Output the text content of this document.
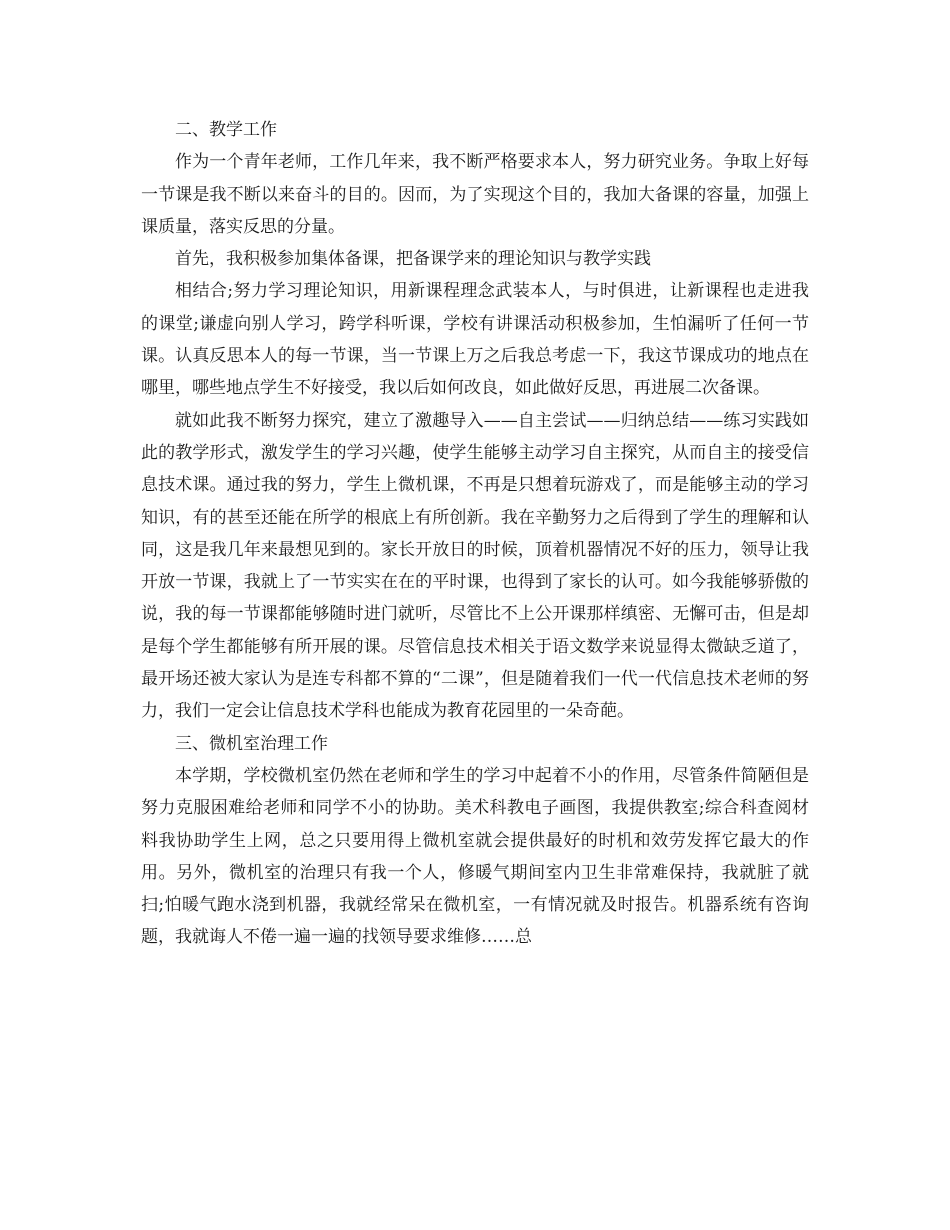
二、教学工作

作为一个青年老师，工作几年来，我不断严格要求本人，努力研究业务。争取上好每一节课是我不断以来奋斗的目的。因而，为了实现这个目的，我加大备课的容量，加强上课质量，落实反思的分量。

首先，我积极参加集体备课，把备课学来的理论知识与教学实践

相结合;努力学习理论知识，用新课程理念武装本人，与时俱进，让新课程也走进我的课堂;谦虚向别人学习，跨学科听课，学校有讲课活动积极参加，生怕漏听了任何一节课。认真反思本人的每一节课，当一节课上万之后我总考虑一下，我这节课成功的地点在哪里，哪些地点学生不好接受，我以后如何改良，如此做好反思，再进展二次备课。

就如此我不断努力探究，建立了激趣导入——自主尝试——归纳总结——练习实践如此的教学形式，激发学生的学习兴趣，使学生能够主动学习自主探究，从而自主的接受信息技术课。通过我的努力，学生上微机课，不再是只想着玩游戏了，而是能够主动的学习知识，有的甚至还能在所学的根底上有所创新。我在辛勤努力之后得到了学生的理解和认同，这是我几年来最想见到的。家长开放日的时候，顶着机器情况不好的压力，领导让我开放一节课，我就上了一节实实在在的平时课，也得到了家长的认可。如今我能够骄傲的说，我的每一节课都能够随时进门就听，尽管比不上公开课那样缜密、无懈可击，但是却是每个学生都能够有所开展的课。尽管信息技术相关于语文数学来说显得太微缺乏道了，最开场还被大家认为是连专科都不算的“二课”，但是随着我们一代一代信息技术老师的努力，我们一定会让信息技术学科也能成为教育花园里的一朵奇葩。

三、微机室治理工作

本学期，学校微机室仍然在老师和学生的学习中起着不小的作用，尽管条件简陋但是努力克服困难给老师和同学不小的协助。美术科教电子画图，我提供教室;综合科查阅材料我协助学生上网，总之只要用得上微机室就会提供最好的时机和效劳发挥它最大的作用。另外，微机室的治理只有我一个人，修暖气期间室内卫生非常难保持，我就脏了就扫;怕暖气跑水浇到机器，我就经常呆在微机室，一有情况就及时报告。机器系统有咨询题，我就诲人不倦一遍一遍的找领导要求维修……总
